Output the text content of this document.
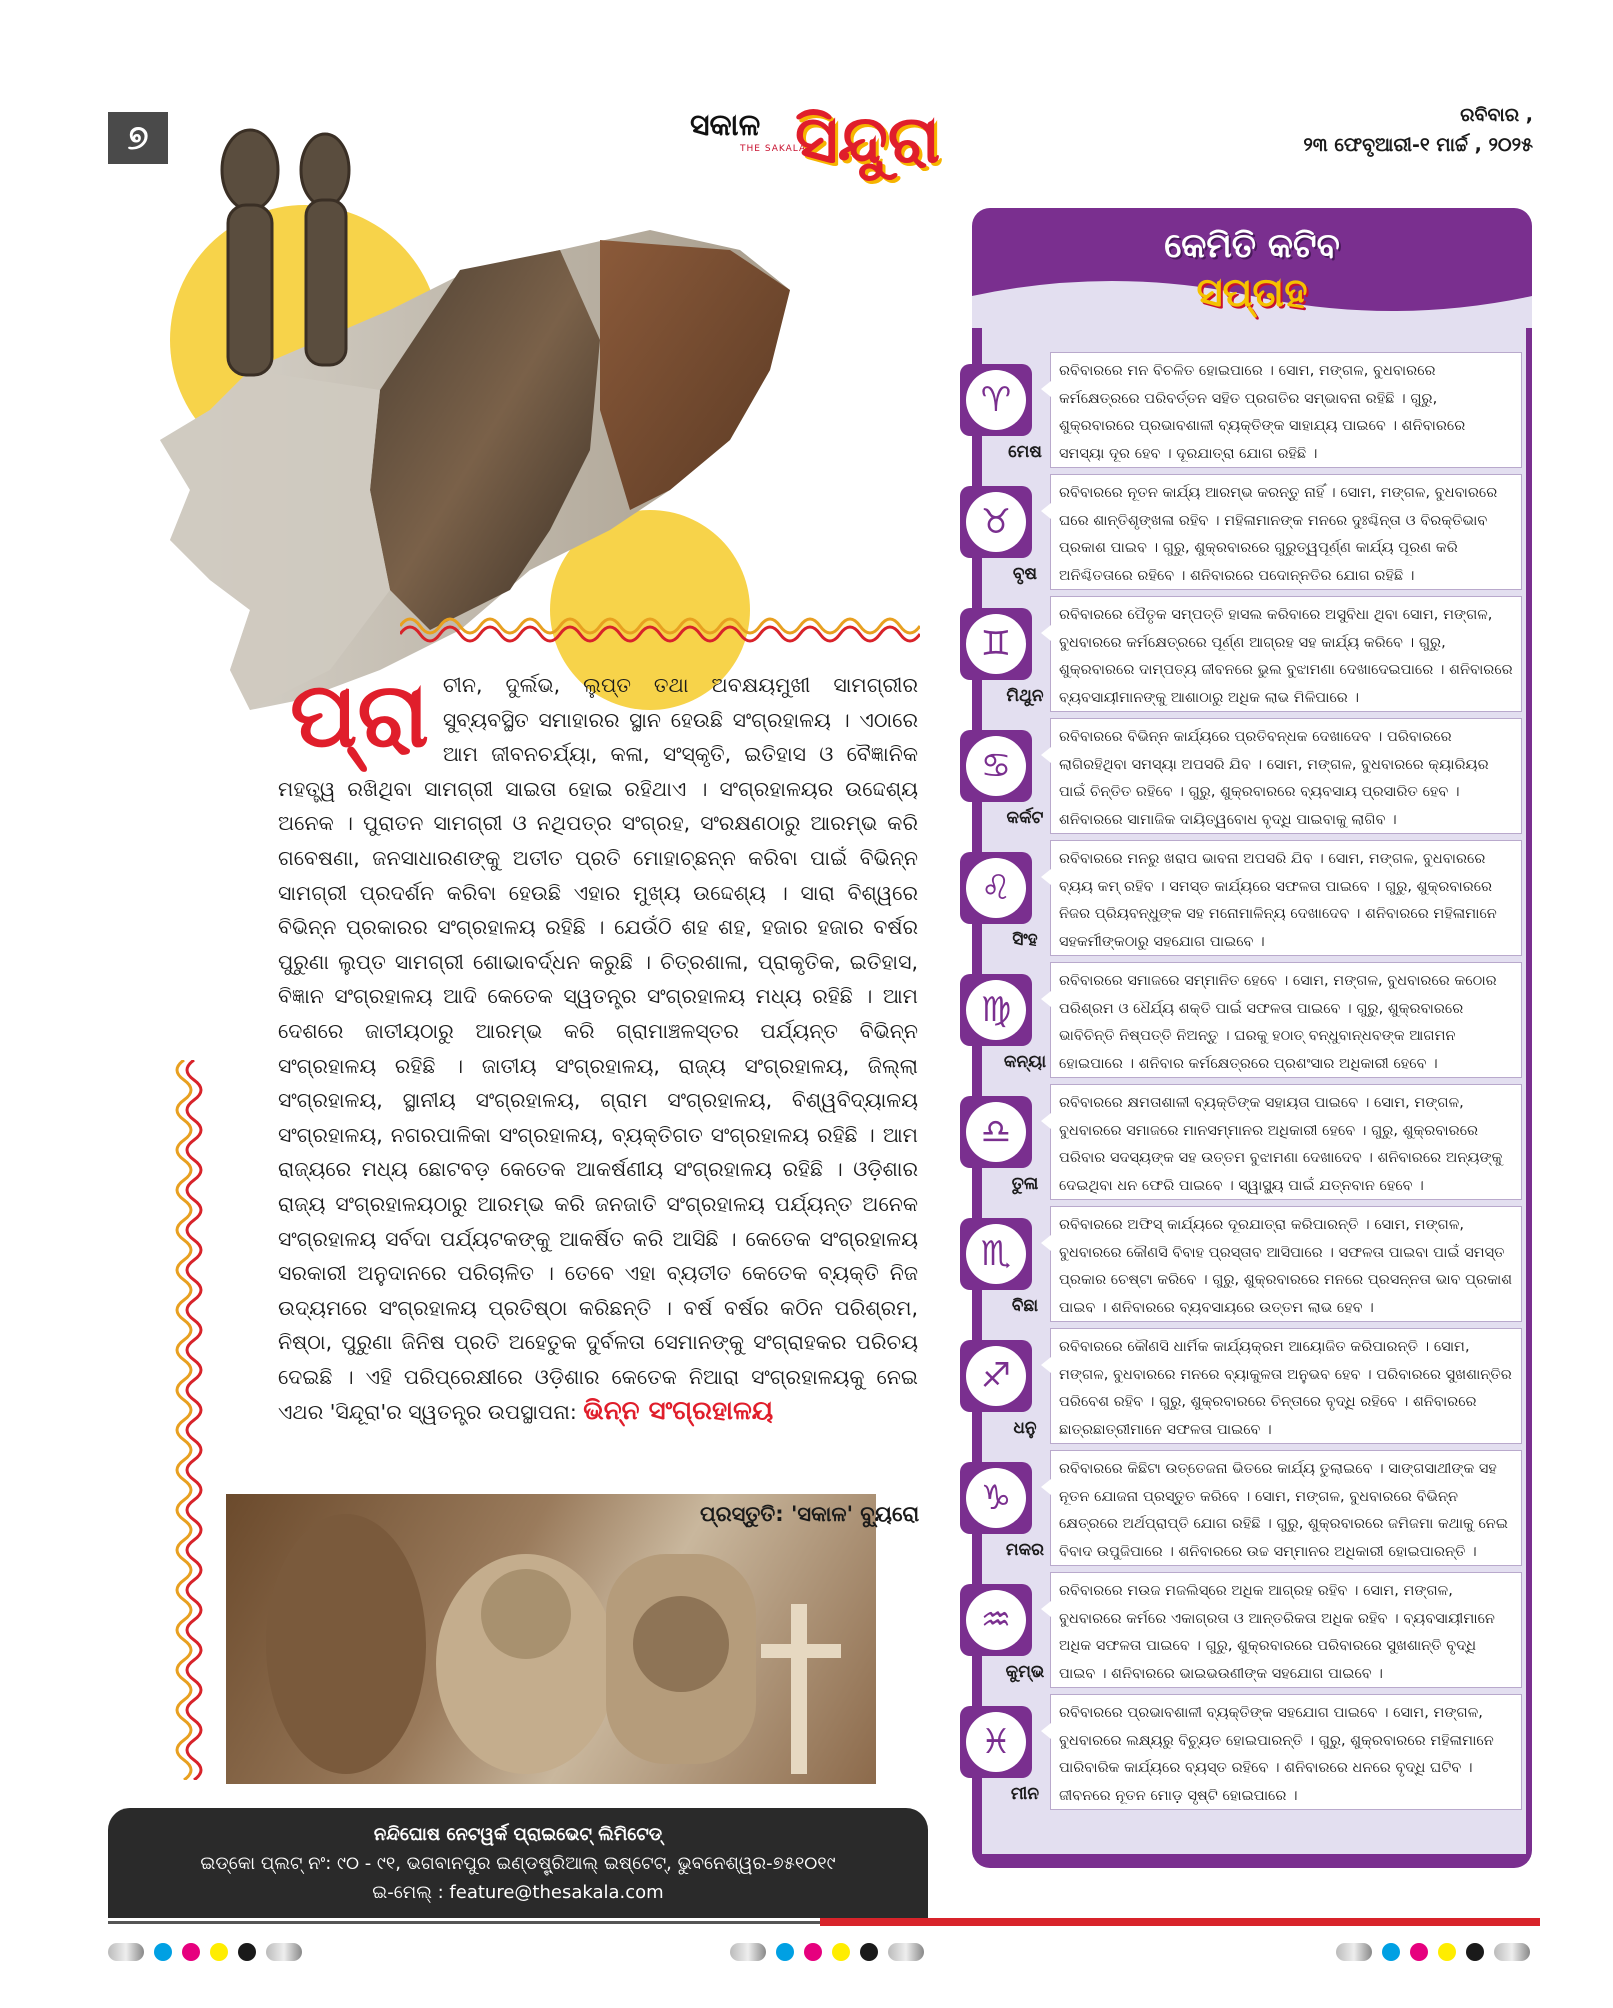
୭	ସକାଳ
THE SAKALA
ସିନ୍ଦୁରା	ରବିବାର ,
୨୩ ଫେବୃଆରୀ-୧ ମାର୍ଚ୍ଚ , ୨୦୨୫
ପ୍ରା ଚୀନ, ଦୁର୍ଲଭ, ଲୁପ୍ତ ତଥା ଅବକ୍ଷୟମୁଖୀ ସାମଗ୍ରୀର ସୁବ୍ୟବସ୍ଥିତ ସମାହାରର ସ୍ଥାନ ହେଉଛି ସଂଗ୍ରହାଳୟ । ଏଠାରେ ଆମ ଜୀବନଚର୍ଯ୍ୟା, କଳା, ସଂସ୍କୃତି, ଇତିହାସ ଓ ବୈଜ୍ଞାନିକ ମହତ୍ତ୍ୱ ରଖିଥିବା ସାମଗ୍ରୀ ସାଇତା ହୋଇ ରହିଥାଏ । ସଂଗ୍ରହାଳୟର ଉଦ୍ଦେଶ୍ୟ ଅନେକ । ପୁରାତନ ସାମଗ୍ରୀ ଓ ନଥିପତ୍ର ସଂଗ୍ରହ, ସଂରକ୍ଷଣଠାରୁ ଆରମ୍ଭ କରି ଗବେଷଣା, ଜନସାଧାରଣଙ୍କୁ ଅତୀତ ପ୍ରତି ମୋହାଚ୍ଛନ୍ନ କରିବା ପାଇଁ ବିଭିନ୍ନ ସାମଗ୍ରୀ ପ୍ରଦର୍ଶନ କରିବା ହେଉଛି ଏହାର ମୁଖ୍ୟ ଉଦ୍ଦେଶ୍ୟ । ସାରା ବିଶ୍ୱରେ ବିଭିନ୍ନ ପ୍ରକାରର ସଂଗ୍ରହାଳୟ ରହିଛି । ଯେଉଁଠି ଶହ ଶହ, ହଜାର ହଜାର ବର୍ଷର ପୁରୁଣା ଲୁପ୍ତ ସାମଗ୍ରୀ ଶୋଭାବର୍ଦ୍ଧନ କରୁଛି । ଚିତ୍ରଶାଳା, ପ୍ରାକୃତିକ, ଇତିହାସ, ବିଜ୍ଞାନ ସଂଗ୍ରହାଳୟ ଆଦି କେତେକ ସ୍ୱତନ୍ତ୍ର ସଂଗ୍ରହାଳୟ ମଧ୍ୟ ରହିଛି । ଆମ ଦେଶରେ ଜାତୀୟଠାରୁ ଆରମ୍ଭ କରି ଗ୍ରାମାଞ୍ଚଳସ୍ତର ପର୍ଯ୍ୟନ୍ତ ବିଭିନ୍ନ ସଂଗ୍ରହାଳୟ ରହିଛି । ଜାତୀୟ ସଂଗ୍ରହାଳୟ, ରାଜ୍ୟ ସଂଗ୍ରହାଳୟ, ଜିଲ୍ଲା ସଂଗ୍ରହାଳୟ, ସ୍ଥାନୀୟ ସଂଗ୍ରହାଳୟ, ଗ୍ରାମ ସଂଗ୍ରହାଳୟ, ବିଶ୍ୱବିଦ୍ୟାଳୟ ସଂଗ୍ରହାଳୟ, ନଗରପାଳିକା ସଂଗ୍ରହାଳୟ, ବ୍ୟକ୍ତିଗତ ସଂଗ୍ରହାଳୟ ରହିଛି । ଆମ ରାଜ୍ୟରେ ମଧ୍ୟ ଛୋଟବଡ଼ କେତେକ ଆକର୍ଷଣୀୟ ସଂଗ୍ରହାଳୟ ରହିଛି । ଓଡ଼ିଶାର ରାଜ୍ୟ ସଂଗ୍ରହାଳୟଠାରୁ ଆରମ୍ଭ କରି ଜନଜାତି ସଂଗ୍ରହାଳୟ ପର୍ଯ୍ୟନ୍ତ ଅନେକ ସଂଗ୍ରହାଳୟ ସର୍ବଦା ପର୍ଯ୍ୟଟକଙ୍କୁ ଆକର୍ଷିତ କରି ଆସିଛି । କେତେକ ସଂଗ୍ରହାଳୟ ସରକାରୀ ଅନୁଦାନରେ ପରିଚାଳିତ । ତେବେ ଏହା ବ୍ୟତୀତ କେତେକ ବ୍ୟକ୍ତି ନିଜ ଉଦ୍ୟମରେ ସଂଗ୍ରହାଳୟ ପ୍ରତିଷ୍ଠା କରିଛନ୍ତି । ବର୍ଷ ବର୍ଷର କଠିନ ପରିଶ୍ରମ, ନିଷ୍ଠା, ପୁରୁଣା ଜିନିଷ ପ୍ରତି ଅହେତୁକ ଦୁର୍ବଳତା ସେମାନଙ୍କୁ ସଂଗ୍ରାହକର ପରିଚୟ ଦେଇଛି । ଏହି ପରିପ୍ରେକ୍ଷୀରେ ଓଡ଼ିଶାର କେତେକ ନିଆରା ସଂଗ୍ରହାଳୟକୁ ନେଇ ଏଥର 'ସିନ୍ଦୂରା'ର ସ୍ୱତନ୍ତ୍ର ଉପସ୍ଥାପନା: ଭିନ୍ନ ସଂଗ୍ରହାଳୟ
ପ୍ରସ୍ତୁତି: 'ସକାଳ' ବ୍ୟୁରୋ
ନନ୍ଦିଘୋଷ ନେଟୱର୍କ ପ୍ରାଇଭେଟ୍ ଲିମିଟେଡ୍
ଇଡ୍‌କୋ ପ୍ଲଟ୍ ନଂ: ୯୦ - ୯୧, ଭଗବାନପୁର ଇଣ୍ଡଷ୍ଟ୍ରିଆଲ୍ ଇଷ୍ଟେଟ୍, ଭୁବନେଶ୍ୱର-୭୫୧୦୧୯
ଇ-ମେଲ୍ : feature@thesakala.com
କେମିତି କଟିବ
ସପ୍ତାହ
♈
ମେଷ
ରବିବାରରେ ମନ ବିଚଳିତ ହୋଇପାରେ । ସୋମ, ମଙ୍ଗଳ, ବୁଧବାରରେ କର୍ମକ୍ଷେତ୍ରରେ ପରିବର୍ତ୍ତନ ସହିତ ପ୍ରଗତିର ସମ୍ଭାବନା ରହିଛି । ଗୁରୁ, ଶୁକ୍ରବାରରେ ପ୍ରଭାବଶାଳୀ ବ୍ୟକ୍ତିଙ୍କ ସାହାଯ୍ୟ ପାଇବେ । ଶନିବାରରେ ସମସ୍ୟା ଦୂର ହେବ । ଦୂରଯାତ୍ରା ଯୋଗ ରହିଛି ।
♉
ବୃଷ
ରବିବାରରେ ନୂତନ କାର୍ଯ୍ୟ ଆରମ୍ଭ କରନ୍ତୁ ନାହିଁ । ସୋମ, ମଙ୍ଗଳ, ବୁଧବାରରେ ଘରେ ଶାନ୍ତିଶୃଙ୍ଖଳା ରହିବ । ମହିଳାମାନଙ୍କ ମନରେ ଦୁଃଶ୍ଚିନ୍ତା ଓ ବିରକ୍ତିଭାବ ପ୍ରକାଶ ପାଇବ । ଗୁରୁ, ଶୁକ୍ରବାରରେ ଗୁରୁତ୍ୱପୂର୍ଣ୍ଣ କାର୍ଯ୍ୟ ପୂରଣ କରି ଅନିଶ୍ଚିତତାରେ ରହିବେ । ଶନିବାରରେ ପଦୋନ୍ନତିର ଯୋଗ ରହିଛି ।
♊
ମିଥୁନ
ରବିବାରରେ ପୈତୃକ ସମ୍ପତ୍ତି ହାସଲ କରିବାରେ ଅସୁବିଧା ଥିବା ସୋମ, ମଙ୍ଗଳ, ବୁଧବାରରେ କର୍ମକ୍ଷେତ୍ରରେ ପୂର୍ଣ୍ଣ ଆଗ୍ରହ ସହ କାର୍ଯ୍ୟ କରିବେ । ଗୁରୁ, ଶୁକ୍ରବାରରେ ଦାମ୍ପତ୍ୟ ଜୀବନରେ ଭୁଲ ବୁଝାମଣା ଦେଖାଦେଇପାରେ । ଶନିବାରରେ ବ୍ୟବସାୟୀମାନଙ୍କୁ ଆଶାଠାରୁ ଅଧିକ ଲାଭ ମିଳିପାରେ ।
♋
କର୍କଟ
ରବିବାରରେ ବିଭିନ୍ନ କାର୍ଯ୍ୟରେ ପ୍ରତିବନ୍ଧକ ଦେଖାଦେବ । ପରିବାରରେ ଲାଗିରହିଥିବା ସମସ୍ୟା ଅପସରି ଯିବ । ସୋମ, ମଙ୍ଗଳ, ବୁଧବାରରେ କ୍ୟାରିୟର ପାଇଁ ଚିନ୍ତିତ ରହିବେ । ଗୁରୁ, ଶୁକ୍ରବାରରେ ବ୍ୟବସାୟ ପ୍ରସାରିତ ହେବ । ଶନିବାରରେ ସାମାଜିକ ଦାୟିତ୍ୱବୋଧ ବୃଦ୍ଧି ପାଇବାକୁ ଲାଗିବ ।
♌
ସିଂହ
ରବିବାରରେ ମନରୁ ଖରାପ ଭାବନା ଅପସରି ଯିବ । ସୋମ, ମଙ୍ଗଳ, ବୁଧବାରରେ ବ୍ୟୟ କମ୍ ରହିବ । ସମସ୍ତ କାର୍ଯ୍ୟରେ ସଫଳତା ପାଇବେ । ଗୁରୁ, ଶୁକ୍ରବାରରେ ନିଜର ପ୍ରିୟବନ୍ଧୁଙ୍କ ସହ ମନୋମାଳିନ୍ୟ ଦେଖାଦେବ । ଶନିବାରରେ ମହିଳାମାନେ ସହକର୍ମୀଙ୍କଠାରୁ ସହଯୋଗ ପାଇବେ ।
♍
କନ୍ୟା
ରବିବାରରେ ସମାଜରେ ସମ୍ମାନିତ ହେବେ । ସୋମ, ମଙ୍ଗଳ, ବୁଧବାରରେ କଠୋର ପରିଶ୍ରମ ଓ ଧୈର୍ଯ୍ୟ ଶକ୍ତି ପାଇଁ ସଫଳତା ପାଇବେ । ଗୁରୁ, ଶୁକ୍ରବାରରେ ଭାବିଚିନ୍ତି ନିଷ୍ପତ୍ତି ନିଅନ୍ତୁ । ଘରକୁ ହଠାତ୍ ବନ୍ଧୁବାନ୍ଧବଙ୍କ ଆଗମନ ହୋଇପାରେ । ଶନିବାର କର୍ମକ୍ଷେତ୍ରରେ ପ୍ରଶଂସାର ଅଧିକାରୀ ହେବେ ।
♎
ତୁଳା
ରବିବାରରେ କ୍ଷମତାଶାଳୀ ବ୍ୟକ୍ତିଙ୍କ ସହାୟତା ପାଇବେ । ସୋମ, ମଙ୍ଗଳ, ବୁଧବାରରେ ସମାଜରେ ମାନସମ୍ମାନର ଅଧିକାରୀ ହେବେ । ଗୁରୁ, ଶୁକ୍ରବାରରେ ପରିବାର ସଦସ୍ୟଙ୍କ ସହ ଉତ୍ତମ ବୁଝାମଣା ଦେଖାଦେବ । ଶନିବାରରେ ଅନ୍ୟଙ୍କୁ ଦେଇଥିବା ଧନ ଫେରି ପାଇବେ । ସ୍ୱାସ୍ଥ୍ୟ ପାଇଁ ଯତ୍ନବାନ ହେବେ ।
♏
ବିଛା
ରବିବାରରେ ଅଫିସ୍ କାର୍ଯ୍ୟରେ ଦୂରଯାତ୍ରା କରିପାରନ୍ତି । ସୋମ, ମଙ୍ଗଳ, ବୁଧବାରରେ କୌଣସି ବିବାହ ପ୍ରସ୍ତାବ ଆସିପାରେ । ସଫଳତା ପାଇବା ପାଇଁ ସମସ୍ତ ପ୍ରକାର ଚେଷ୍ଟା କରିବେ । ଗୁରୁ, ଶୁକ୍ରବାରରେ ମନରେ ପ୍ରସନ୍ନତା ଭାବ ପ୍ରକାଶ ପାଇବ । ଶନିବାରରେ ବ୍ୟବସାୟରେ ଉତ୍ତମ ଲାଭ ହେବ ।
♐
ଧନୁ
ରବିବାରରେ କୌଣସି ଧାର୍ମିକ କାର୍ଯ୍ୟକ୍ରମ ଆୟୋଜିତ କରିପାରନ୍ତି । ସୋମ, ମଙ୍ଗଳ, ବୁଧବାରରେ ମନରେ ବ୍ୟାକୁଳତା ଅନୁଭବ ହେବ । ପରିବାରରେ ସୁଖଶାନ୍ତିର ପରିବେଶ ରହିବ । ଗୁରୁ, ଶୁକ୍ରବାରରେ ଚିନ୍ତାରେ ବୃଦ୍ଧି ରହିବେ । ଶନିବାରରେ ଛାତ୍ରଛାତ୍ରୀମାନେ ସଫଳତା ପାଇବେ ।
♑
ମକର
ରବିବାରରେ କିଛିଟା ଉତ୍ତେଜନା ଭିତରେ କାର୍ଯ୍ୟ ତୁଲାଇବେ । ସାଙ୍ଗସାଥୀଙ୍କ ସହ ନୂତନ ଯୋଜନା ପ୍ରସ୍ତୁତ କରିବେ । ସୋମ, ମଙ୍ଗଳ, ବୁଧବାରରେ ବିଭିନ୍ନ କ୍ଷେତ୍ରରେ ଅର୍ଥପ୍ରାପ୍ତି ଯୋଗ ରହିଛି । ଗୁରୁ, ଶୁକ୍ରବାରରେ ଜମିଜମା କଥାକୁ ନେଇ ବିବାଦ ଉପୁଜିପାରେ । ଶନିବାରରେ ଉଚ୍ଚ ସମ୍ମାନର ଅଧିକାରୀ ହୋଇପାରନ୍ତି ।
♒
କୁମ୍ଭ
ରବିବାରରେ ମଉଜ ମଜଲିସ୍‌ରେ ଅଧିକ ଆଗ୍ରହ ରହିବ । ସୋମ, ମଙ୍ଗଳ, ବୁଧବାରରେ କର୍ମରେ ଏକାଗ୍ରତା ଓ ଆନ୍ତରିକତା ଅଧିକ ରହିବ । ବ୍ୟବସାୟୀମାନେ ଅଧିକ ସଫଳତା ପାଇବେ । ଗୁରୁ, ଶୁକ୍ରବାରରେ ପରିବାରରେ ସୁଖଶାନ୍ତି ବୃଦ୍ଧି ପାଇବ । ଶନିବାରରେ ଭାଇଭଉଣୀଙ୍କ ସହଯୋଗ ପାଇବେ ।
♓
ମୀନ
ରବିବାରରେ ପ୍ରଭାବଶାଳୀ ବ୍ୟକ୍ତିଙ୍କ ସହଯୋଗ ପାଇବେ । ସୋମ, ମଙ୍ଗଳ, ବୁଧବାରରେ ଲକ୍ଷ୍ୟରୁ ବିଚ୍ୟୁତ ହୋଇପାରନ୍ତି । ଗୁରୁ, ଶୁକ୍ରବାରରେ ମହିଳାମାନେ ପାରିବାରିକ କାର୍ଯ୍ୟରେ ବ୍ୟସ୍ତ ରହିବେ । ଶନିବାରରେ ଧନରେ ବୃଦ୍ଧି ଘଟିବ । ଜୀବନରେ ନୂତନ ମୋଡ଼ ସୃଷ୍ଟି ହୋଇପାରେ ।
